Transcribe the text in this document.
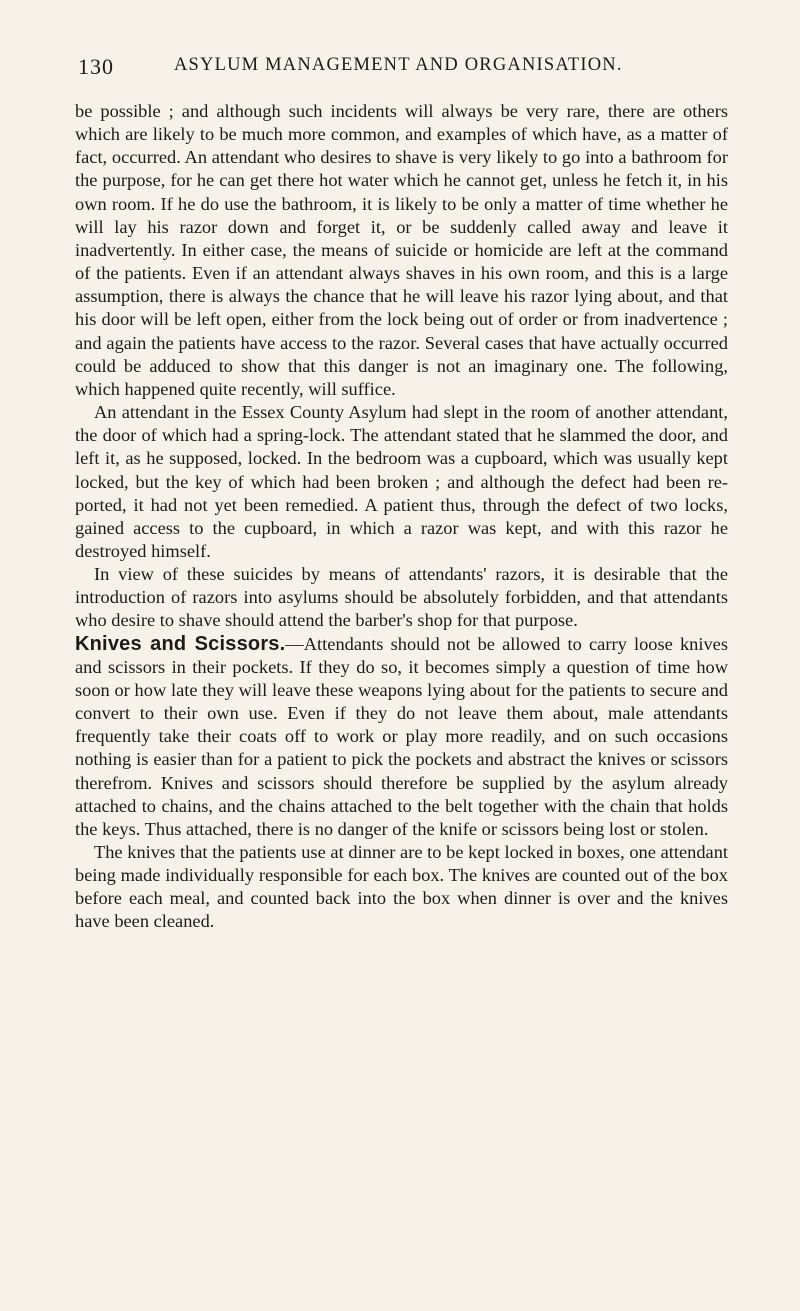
130	ASYLUM MANAGEMENT AND ORGANISATION.

be possible ; and although such incidents will always be very rare, there are others which are likely to be much more common, and examples of which have, as a matter of fact, occurred. An attendant who desires to shave is very likely to go into a bathroom for the purpose, for he can get there hot water which he cannot get, unless he fetch it, in his own room. If he do use the bathroom, it is likely to be only a matter of time whether he will lay his razor down and forget it, or be suddenly called away and leave it inadvertently. In either case, the means of suicide or homicide are left at the command of the patients. Even if an attendant always shaves in his own room, and this is a large assumption, there is always the chance that he will leave his razor lying about, and that his door will be left open, either from the lock being out of order or from inadvertence ; and again the patients have access to the razor. Several cases that have actually occurred could be adduced to show that this danger is not an imaginary one. The following, which happened quite recently, will suffice.

An attendant in the Essex County Asylum had slept in the room of another attendant, the door of which had a spring-lock. The attendant stated that he slammed the door, and left it, as he supposed, locked. In the bedroom was a cupboard, which was usually kept locked, but the key of which had been broken ; and although the defect had been reported, it had not yet been remedied. A patient thus, through the defect of two locks, gained access to the cupboard, in which a razor was kept, and with this razor he destroyed himself.

In view of these suicides by means of attendants' razors, it is desirable that the introduction of razors into asylums should be absolutely forbidden, and that attendants who desire to shave should attend the barber's shop for that purpose.

Knives and Scissors.—Attendants should not be allowed to carry loose knives and scissors in their pockets. If they do so, it becomes simply a question of time how soon or how late they will leave these weapons lying about for the patients to secure and convert to their own use. Even if they do not leave them about, male attendants frequently take their coats off to work or play more readily, and on such occasions nothing is easier than for a patient to pick the pockets and abstract the knives or scissors therefrom. Knives and scissors should therefore be supplied by the asylum already attached to chains, and the chains attached to the belt together with the chain that holds the keys. Thus attached, there is no danger of the knife or scissors being lost or stolen.

The knives that the patients use at dinner are to be kept locked in boxes, one attendant being made individually responsible for each box. The knives are counted out of the box before each meal, and counted back into the box when dinner is over and the knives have been cleaned.
